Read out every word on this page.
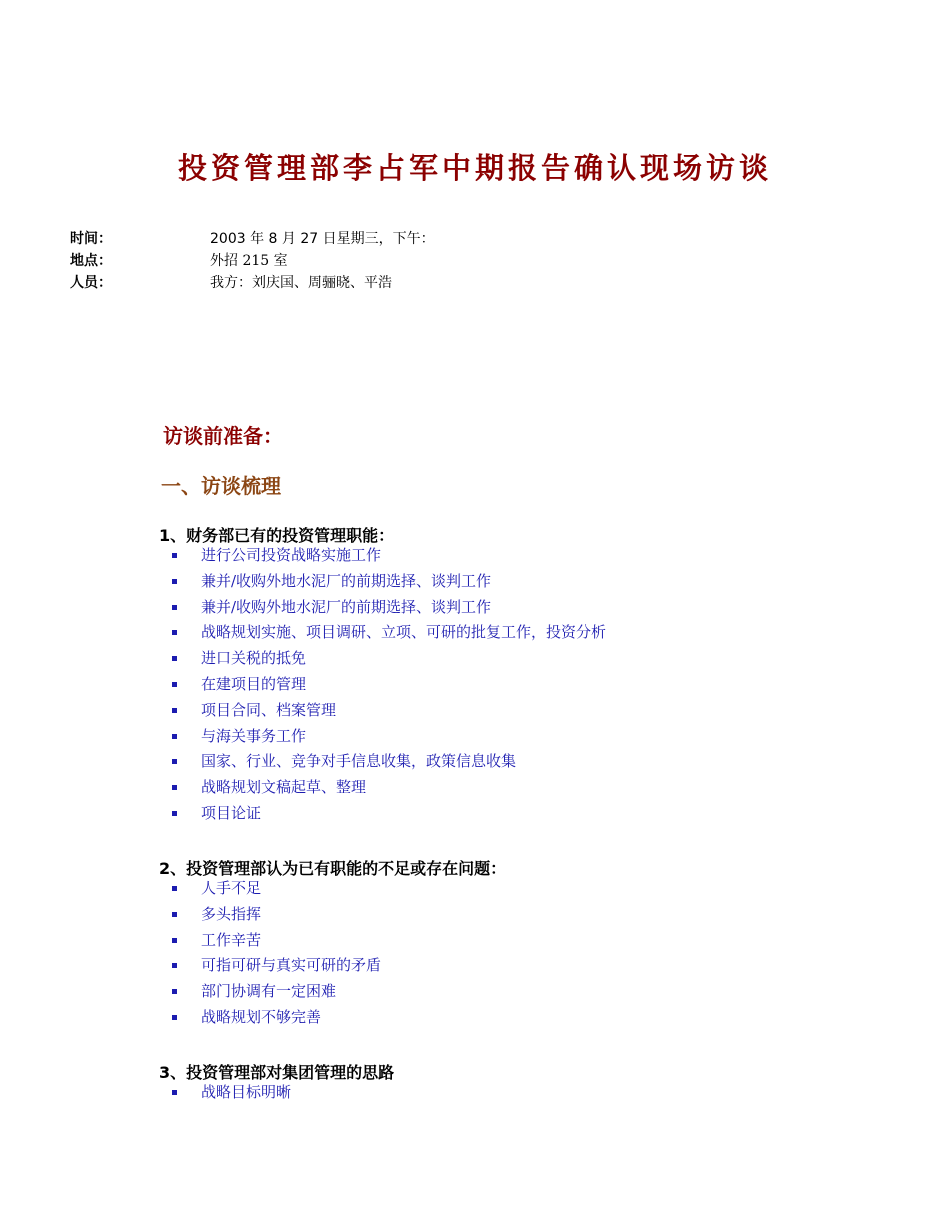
投资管理部李占军中期报告确认现场访谈
时间：	2003 年 8 月 27 日星期三，下午：
地点：	外招 215 室
人员：	我方：刘庆国、周骊晓、平浩
访谈前准备：
一、访谈梳理
1、财务部已有的投资管理职能：
进行公司投资战略实施工作
兼并/收购外地水泥厂的前期选择、谈判工作
兼并/收购外地水泥厂的前期选择、谈判工作
战略规划实施、项目调研、立项、可研的批复工作，投资分析
进口关税的抵免
在建项目的管理
项目合同、档案管理
与海关事务工作
国家、行业、竞争对手信息收集，政策信息收集
战略规划文稿起草、整理
项目论证
2、投资管理部认为已有职能的不足或存在问题：
人手不足
多头指挥
工作辛苦
可指可研与真实可研的矛盾
部门协调有一定困难
战略规划不够完善
3、投资管理部对集团管理的思路
战略目标明晰
